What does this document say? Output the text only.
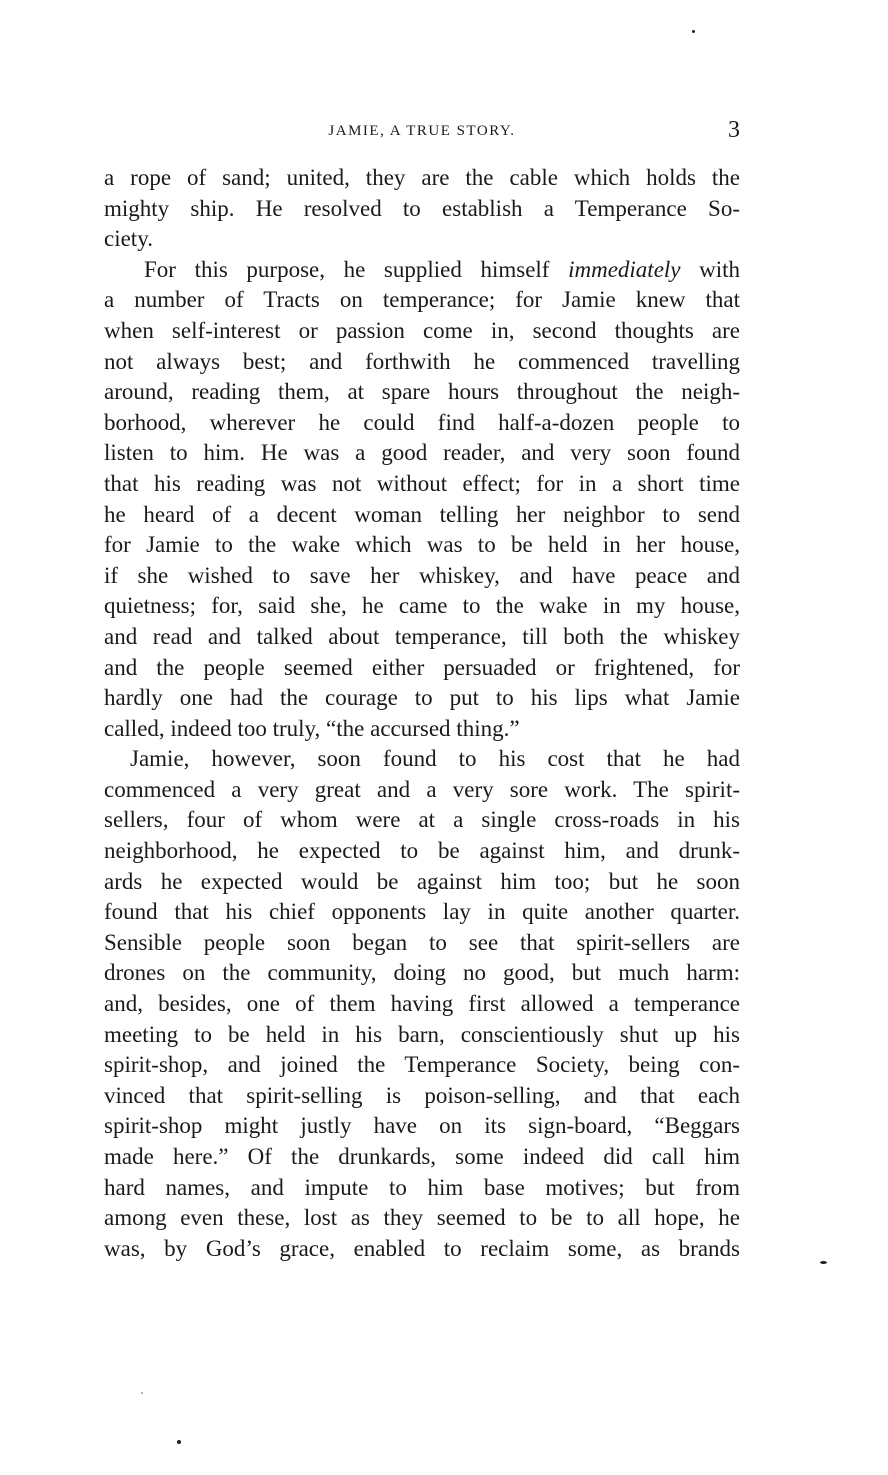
JAMIE, A TRUE STORY.	3
a rope of sand; united, they are the cable which holds the
mighty ship. He resolved to establish a Temperance So-
ciety.
For this purpose, he supplied himself immediately with
a number of Tracts on temperance; for Jamie knew that
when self-interest or passion come in, second thoughts are
not always best; and forthwith he commenced travelling
around, reading them, at spare hours throughout the neigh-
borhood, wherever he could find half-a-dozen people to
listen to him. He was a good reader, and very soon found
that his reading was not without effect; for in a short time
he heard of a decent woman telling her neighbor to send
for Jamie to the wake which was to be held in her house,
if she wished to save her whiskey, and have peace and
quietness; for, said she, he came to the wake in my house,
and read and talked about temperance, till both the whiskey
and the people seemed either persuaded or frightened, for
hardly one had the courage to put to his lips what Jamie
called, indeed too truly, “the accursed thing.”
Jamie, however, soon found to his cost that he had
commenced a very great and a very sore work. The spirit-
sellers, four of whom were at a single cross-roads in his
neighborhood, he expected to be against him, and drunk-
ards he expected would be against him too; but he soon
found that his chief opponents lay in quite another quarter.
Sensible people soon began to see that spirit-sellers are
drones on the community, doing no good, but much harm:
and, besides, one of them having first allowed a temperance
meeting to be held in his barn, conscientiously shut up his
spirit-shop, and joined the Temperance Society, being con-
vinced that spirit-selling is poison-selling, and that each
spirit-shop might justly have on its sign-board, “Beggars
made here.” Of the drunkards, some indeed did call him
hard names, and impute to him base motives; but from
among even these, lost as they seemed to be to all hope, he
was, by God’s grace, enabled to reclaim some, as brands
